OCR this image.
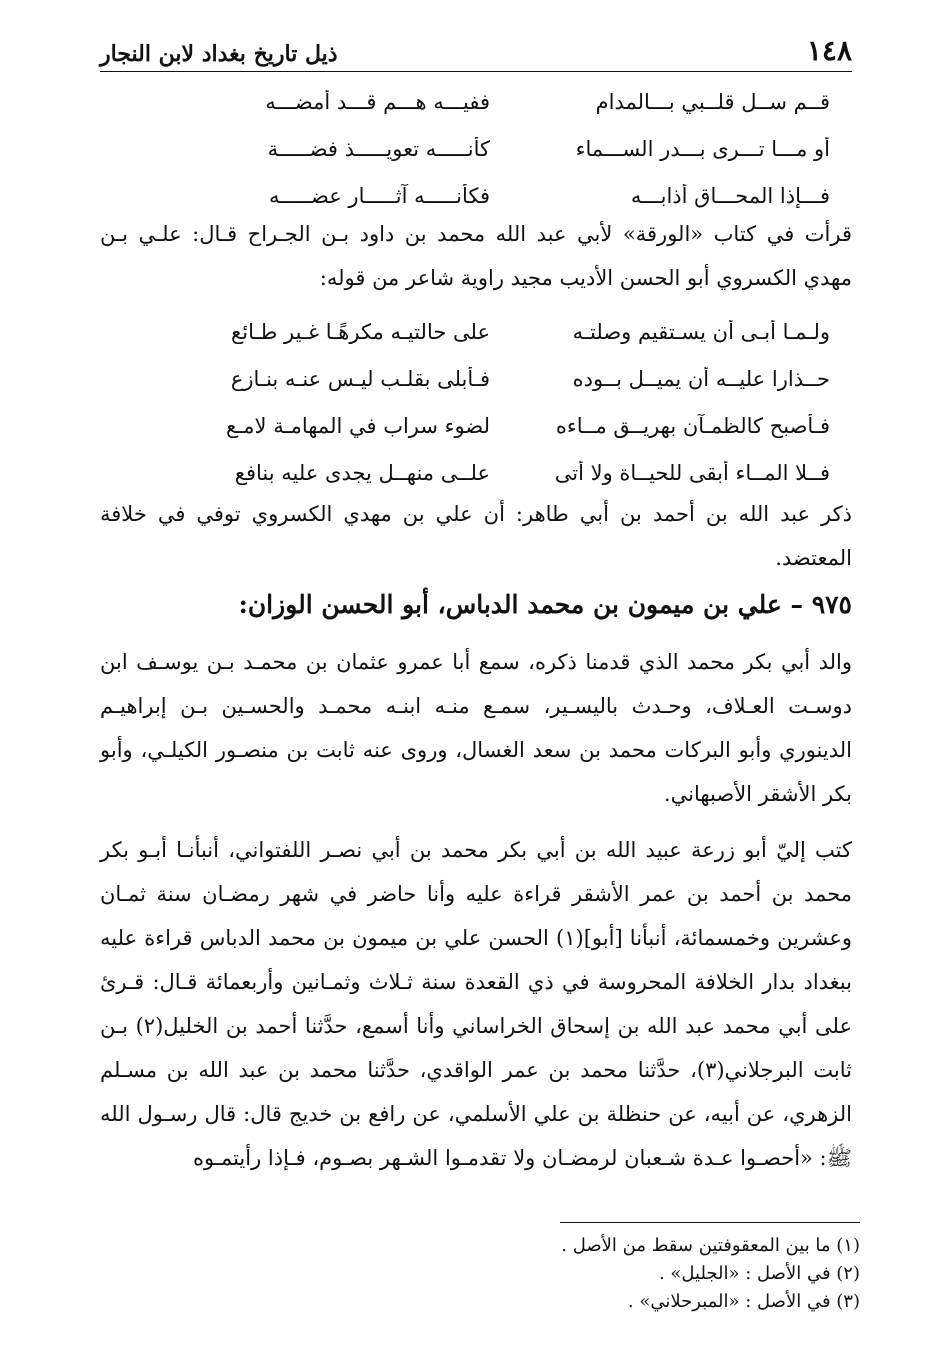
١٤٨
ذيل تاريخ بغداد لابن النجار
قــم ســل قلــبي بـــالمدام
ففيـــه هـــم قـــد أمضـــه
أو مـــا تـــرى بـــدر الســـماء
كأنـــــه تعويـــــذ فضـــــة
فـــإذا المحـــاق أذابـــه
فكأنـــــه آثـــــار عضـــــه

قرأت في كتاب «الورقة» لأبي عبد الله محمد بن داود بـن الجـراح قـال: علـي بـن مهدي الكسروي أبو الحسن الأديب مجيد راوية شاعر من قوله:

ولـمـا أبـى أن يسـتقيم وصلتـه
على حالتيـه مكرهًـا غـير طـائع
حــذارا عليــه أن يميــل بــوده
فـأبلى بقلـب ليـس عنـه بنـازع
فـأصبح كالظمـآن بهريــق مــاءه
لضوء سراب في المهامـة لامـع
فــلا المــاء أبقى للحيــاة ولا أتى
علــى منهــل يجدى عليه بنافع

ذكر عبد الله بن أحمد بن أبي طاهر: أن علي بن مهدي الكسروي توفي في خلافة المعتضد.

٩٧٥ – علي بن ميمون بن محمد الدباس، أبو الحسن الوزان:

والد أبي بكر محمد الذي قدمنا ذكره، سمع أبا عمرو عثمان بن محمـد بـن يوسـف ابن دوسـت العـلاف، وحـدث باليسـير، سمـع منـه ابنـه محمـد والحسـين بـن إبراهيـم الدينوري وأبو البركات محمد بن سعد الغسال، وروى عنه ثابت بن منصـور الكيلـي، وأبو بكر الأشقر الأصبهاني.

كتب إليّ أبو زرعة عبيد الله بن أبي بكر محمد بن أبي نصـر اللفتواني، أنبأنـا أبـو بكر محمد بن أحمد بن عمر الأشقر قراءة عليه وأنا حاضر في شهر رمضـان سنة ثمـان وعشرين وخمسمائة، أنبأنا [أبو](١) الحسن علي بن ميمون بن محمد الدباس قراءة عليه ببغداد بدار الخلافة المحروسة في ذي القعدة سنة ثـلاث وثمـانين وأربعمائة قـال: قـرئ على أبي محمد عبد الله بن إسحاق الخراساني وأنا أسمع، حدَّثنا أحمد بن الخليل(٢) بـن ثابت البرجلاني(٣)، حدَّثنا محمد بن عمر الواقدي، حدَّثنا محمد بن عبد الله بن مسـلم الزهري، عن أبيه، عن حنظلة بن علي الأسلمي، عن رافع بن خديج قال: قال رسـول الله ﷺ: «أحصـوا عـدة شـعبان لرمضـان ولا تقدمـوا الشـهر بصـوم، فـإذا رأيتمـوه

(١) ما بين المعقوفتين سقط من الأصل .
(٢) في الأصل : «الجليل» .
(٣) في الأصل : «المبرحلاني» .
